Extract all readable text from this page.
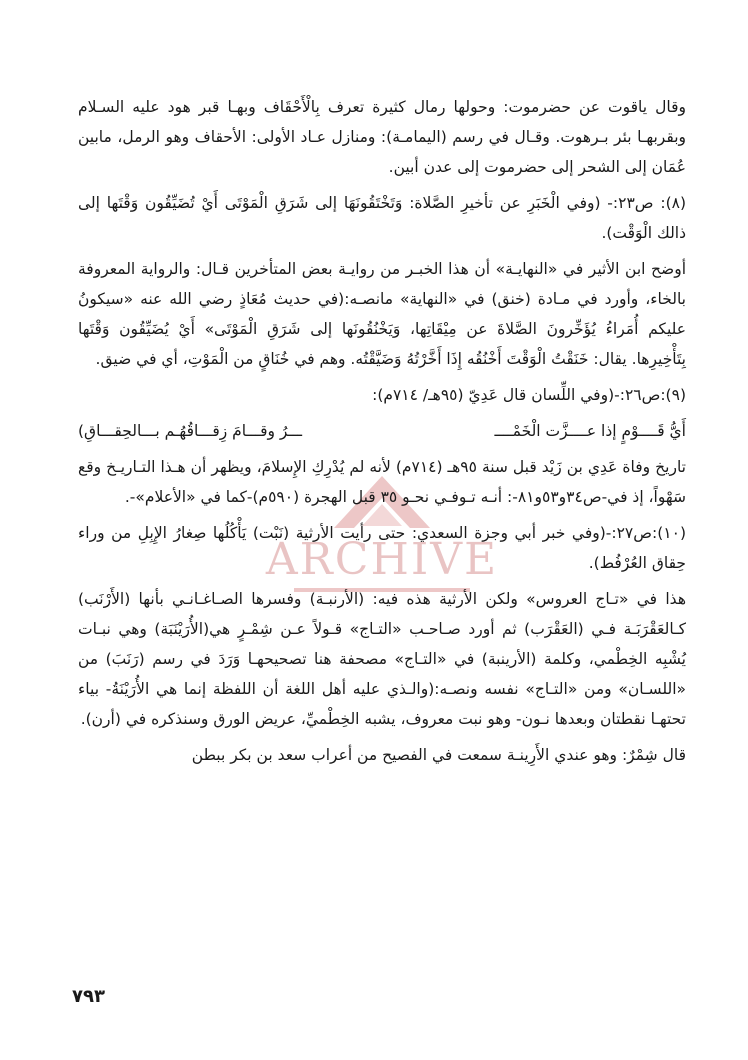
ARCHIVE

وقال ياقوت عن حضرموت: وحولها رمال كثيرة تعرف بِالْأَحْقَاف وبهـا قبر هود عليه السـلام وبقربهـا بئر بـرهوت. وقـال في رسم (اليمامـة): ومنازل عـاد الأولى: الأحقاف وهو الرمل، مابين عُمَان إلى الشحر إلى حضرموت إلى عدن أبين.

(٨): ص٢٣:- (وفي الْخَبَرِ عن تأخيرِ الصَّلاة: وَتَخْتَقُونَهَا إلى شَرَقِ الْمَوْتَى أَيْ تُضَيِّقُون وَقْتَها إلى ذالك الْوَقْت).

أوضح ابن الأثير في «النهايـة» أن هذا الخبـر من روايـة بعض المتأخرين قـال: والرواية المعروفة بالخاء، وأورد في مـادة (خنق) في «النهاية» مانصـه:(في حديث مُعَاذٍ رضي الله عنه «سيكونُ عليكم أُمَراءُ يُؤَخِّرونَ الصَّلاةَ عن مِيْقَاتِها، وَيَخْنُقُونَها إلى شَرَقِ الْمَوْتَى» أَيْ يُضَيِّقُون وَقْتَها بِتَأْخِيرِها. يقال: خَنَقْتُ الْوَقْتَ أَخْنُقُه إِذَا أَخَّرْتُهُ وَضَيَّقْتُه. وهم في خُنَاقٍ من الْمَوْتِ، أي في ضيق.

(٩):ص٢٦:-(وفي اللِّسان قال عَدِيّ (٩٥هـ/ ٧١٤م):

أَيُّ قَــــوْمٍ إذا عــــزَّت الْخَمْــــ
ـــرُ وقـــامَ زِقـــاقُهُـم بـــالحِقـــاقِ)

تاريخ وفاة عَدِي بن زَيْد قبل سنة ٩٥هـ (٧١٤م) لأنه لم يُدْرِكِ الإِسلامَ، ويظهر أن هـذا التـاريـخ وقع سَهْواً، إذ في-ص٣٤و٥٣و٨١-: أنـه تـوفـي نحـو ٣٥ قبل الهجرة (٥٩٠م)-كما في «الأعلام»-.

(١٠):ص٢٧:-(وفي خبر أبي وجزة السعدي: حتى رأيت الأرثية (نَبْت) يَأْكُلُها صِغارُ الإِبِلِ من وراء حِقاق العُرْفُط).

هذا في «تـاج العروس» ولكن الأرثية هذه فيه: (الأرنبـة) وفسرها الصـاغـانـي بأنها (الأَرْنَب) كـالعَقْرَبَـة فـي (العَقْرَب) ثم أورد صـاحـب «التـاج» قـولاً عـن شِمْـرٍ هي(الأُرَيْنَبَة) وهي نبـات يُشْبِه الخِطْمي، وكلمة (الأرينبة) في «التـاج» مصحفة هنا تصحيحهـا وَرَدَ في رسم (رَنَبَ) من «اللسـان» ومن «التـاج» نفسه ونصـه:(والـذي عليه أهل اللغة أن اللفظة إنما هي الأُرَيْنَةُ- بياء تحتهـا نقطتان وبعدها نـون- وهو نبت معروف، يشبه الخِطْميِّ، عريض الورق وسنذكره في (أرن).

قال شِمْرٌ: وهو عندي الأَرِينـة سمعت في الفصيح من أعراب سعد بن بكر ببطن

٧٩٣
